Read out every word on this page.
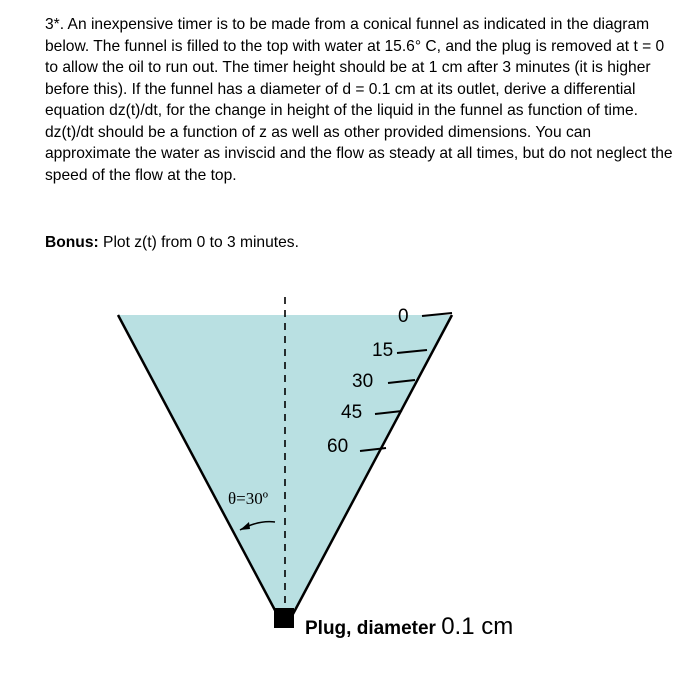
3*. An inexpensive timer is to be made from a conical funnel as indicated in the diagram below. The funnel is filled to the top with water at 15.6° C, and the plug is removed at t = 0 to allow the oil to run out. The timer height should be at 1 cm after 3 minutes (it is higher before this). If the funnel has a diameter of d = 0.1 cm at its outlet, derive a differential equation dz(t)/dt, for the change in height of the liquid in the funnel as function of time. dz(t)/dt should be a function of z as well as other provided dimensions. You can approximate the water as inviscid and the flow as steady at all times, but do not neglect the speed of the flow at the top.

Bonus: Plot z(t) from 0 to 3 minutes.

0
15
30
45
60
θ=30º
Plug, diameter 0.1 cm
